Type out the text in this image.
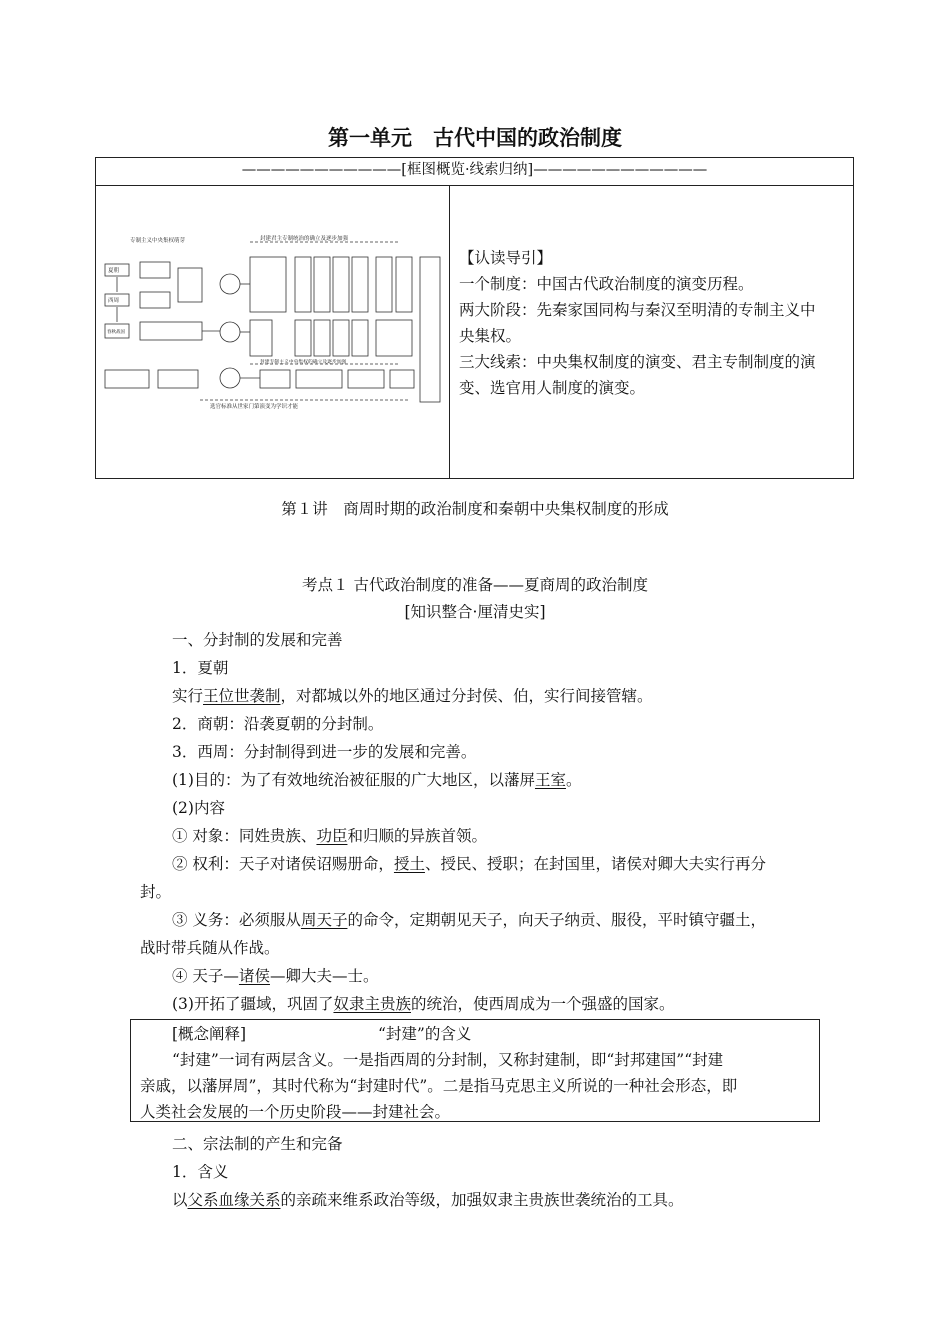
第一单元　古代中国的政治制度
———————————[框图概览·线索归纳]————————————
专制主义中央集权萌芽	封建君主专制统治的确立及逐步加强
夏朝
西周
春秋战国
选官标准从世家门第演变为学识才能
封建专制主义中央集权的确立及逐步加强
【认读导引】
一个制度：中国古代政治制度的演变历程。
两大阶段：先秦家国同构与秦汉至明清的专制主义中
央集权。
三大线索：中央集权制度的演变、君主专制制度的演
变、选官用人制度的演变。
第１讲　商周时期的政治制度和秦朝中央集权制度的形成
考点１ 古代政治制度的准备——夏商周的政治制度
[知识整合·厘清史实]
一、分封制的发展和完善
1．夏朝
实行王位世袭制，对都城以外的地区通过分封侯、伯，实行间接管辖。
2．商朝：沿袭夏朝的分封制。
3．西周：分封制得到进一步的发展和完善。
(1)目的：为了有效地统治被征服的广大地区，以藩屏王室。
(2)内容
① 对象：同姓贵族、功臣和归顺的异族首领。
② 权利：天子对诸侯诏赐册命，授土、授民、授职；在封国里，诸侯对卿大夫实行再分
封。
③ 义务：必须服从周天子的命令，定期朝见天子，向天子纳贡、服役，平时镇守疆土，
战时带兵随从作战。
④ 天子—诸侯—卿大夫—士。
(3)开拓了疆域，巩固了奴隶主贵族的统治，使西周成为一个强盛的国家。
[概念阐释]	“封建”的含义
“封建”一词有两层含义。一是指西周的分封制，又称封建制，即“封邦建国”“封建
亲戚，以藩屏周”，其时代称为“封建时代”。二是指马克思主义所说的一种社会形态，即
人类社会发展的一个历史阶段——封建社会。
二、宗法制的产生和完备
1．含义
以父系血缘关系的亲疏来维系政治等级，加强奴隶主贵族世袭统治的工具。
